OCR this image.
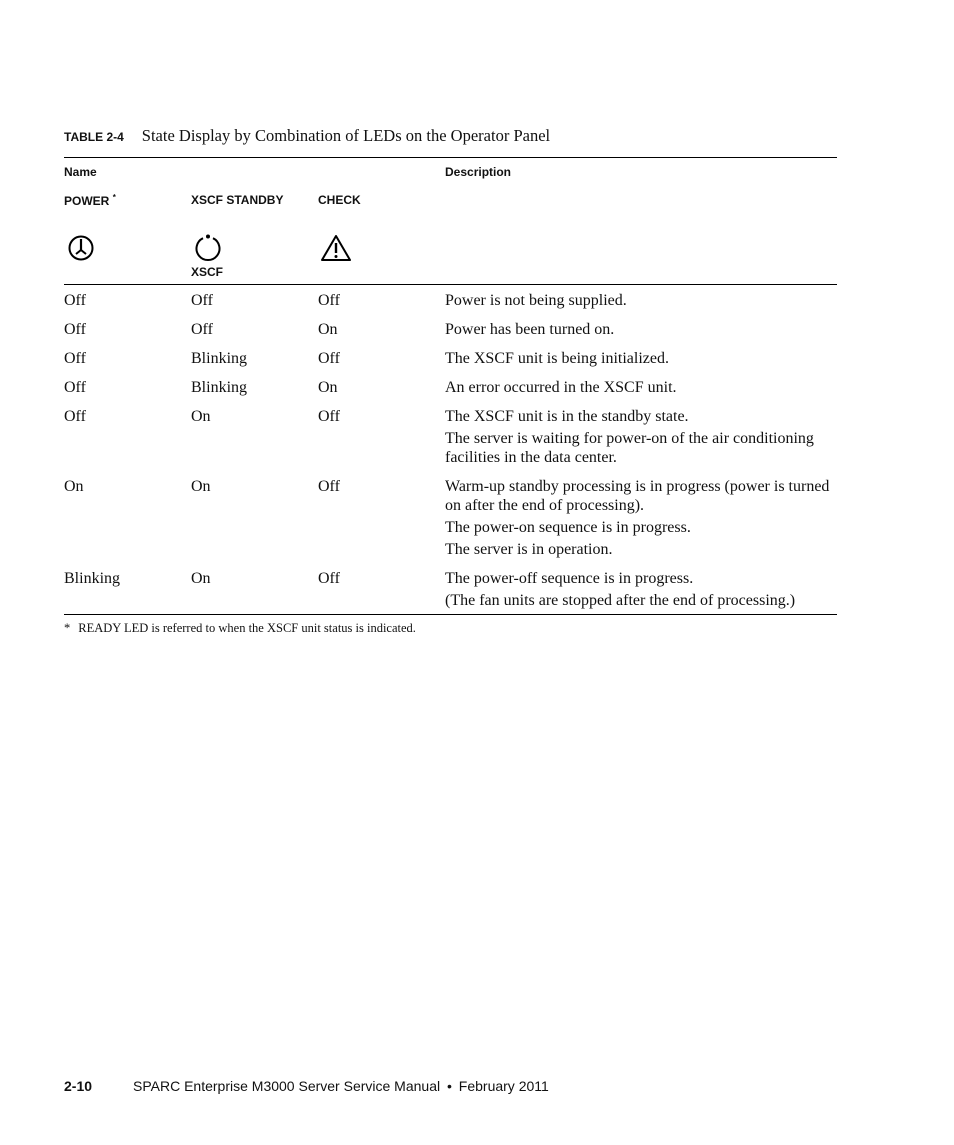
TABLE 2-4 State Display by Combination of LEDs on the Operator Panel
Name	Description
POWER *	XSCF STANDBY	CHECK
XSCF
Off	Off	Off	Power is not being supplied.

Off	Off	On	Power has been turned on.

Off	Blinking	Off	The XSCF unit is being initialized.

Off	Blinking	On	An error occurred in the XSCF unit.

Off	On	Off	The XSCF unit is in the standby state.

The server is waiting for power-on of the air conditioning facilities in the data center.

On	On	Off	Warm-up standby processing is in progress (power is turned on after the end of processing).

The power-on sequence is in progress.

The server is in operation.

Blinking	On	Off	The power-off sequence is in progress.

(The fan units are stopped after the end of processing.)

* READY LED is referred to when the XSCF unit status is indicated.
2-10	SPARC Enterprise M3000 Server Service Manual • February 2011
